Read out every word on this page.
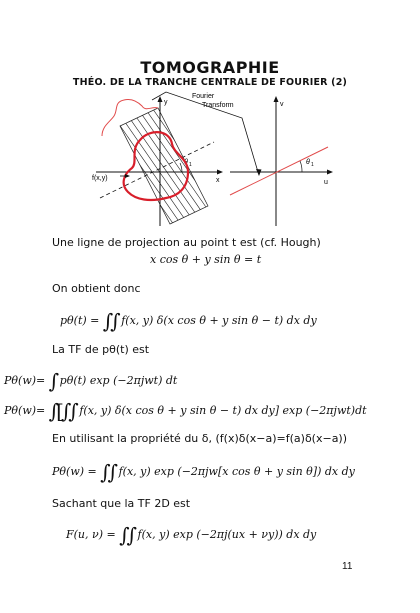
TOMOGRAPHIE
THÉO. DE LA TRANCHE CENTRALE DE FOURIER (2)
θ 1
f(x,y)
y
x
Fourier
Transform
θ 1
v
u
Une ligne de projection au point t est (cf. Hough)
x cos θ + y sin θ = t
On obtient donc
pθ(t) = ∫∫ f(x, y) δ(x cos θ + y sin θ − t) dx dy
La TF de pθ(t) est
Pθ(w)= ∫ pθ(t) exp (−2πjwt) dt
Pθ(w)= ∫[∫∫ f(x, y) δ(x cos θ + y sin θ − t) dx dy] exp (−2πjwt)dt
En utilisant la propriété du δ, (f(x)δ(x−a)=f(a)δ(x−a))
Pθ(w) = ∫∫ f(x, y) exp (−2πjw[x cos θ + y sin θ]) dx dy
Sachant que la TF 2D est
F(u, ν) = ∫∫ f(x, y) exp (−2πj(ux + νy)) dx dy
11
